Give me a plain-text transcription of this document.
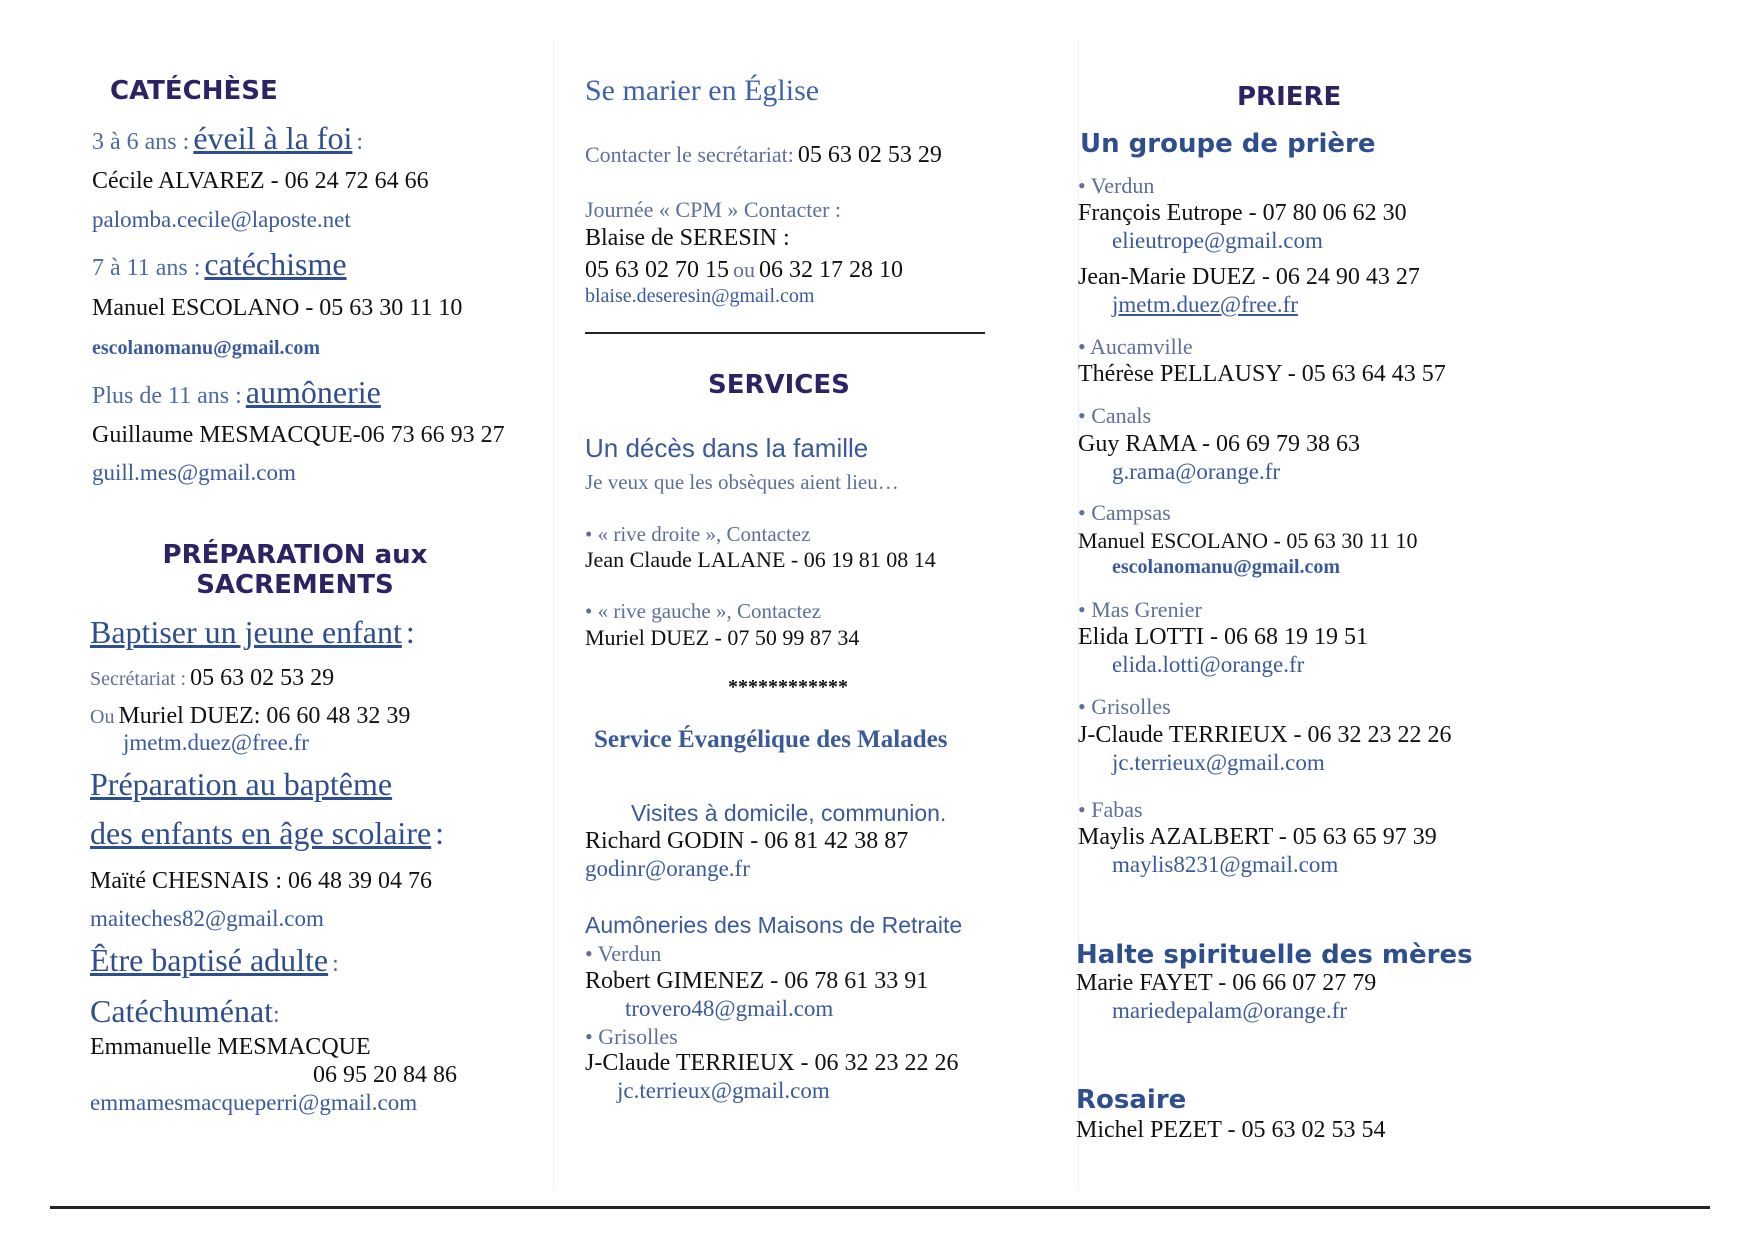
CATÉCHÈSE
3 à 6 ans : éveil à la foi :
Cécile ALVAREZ - 06 24 72 64 66
palomba.cecile@laposte.net
7 à 11 ans : catéchisme
Manuel ESCOLANO - 05 63 30 11 10
escolanomanu@gmail.com
Plus de 11 ans : aumônerie
Guillaume MESMACQUE-06 73 66 93 27
guill.mes@gmail.com
PRÉPARATION aux
SACREMENTS
Baptiser un jeune enfant :
Secrétariat : 05 63 02 53 29
Ou Muriel DUEZ: 06 60 48 32 39
jmetm.duez@free.fr
Préparation au baptême
des enfants en âge scolaire :
Maïté CHESNAIS : 06 48 39 04 76
maiteches82@gmail.com
Être baptisé adulte :
Catéchuménat:
Emmanuelle MESMACQUE
06 95 20 84 86
emmamesmacqueperri@gmail.com
Se marier en Église
Contacter le secrétariat: 05 63 02 53 29
Journée « CPM » Contacter :
Blaise de SERESIN :
05 63 02 70 15 ou 06 32 17 28 10
blaise.deseresin@gmail.com
SERVICES
Un décès dans la famille
Je veux que les obsèques aient lieu…
• « rive droite », Contactez
Jean Claude LALANE - 06 19 81 08 14
• « rive gauche », Contactez
Muriel DUEZ - 07 50 99 87 34
************
Service Évangélique des Malades
Visites à domicile, communion.
Richard GODIN - 06 81 42 38 87
godinr@orange.fr
Aumôneries des Maisons de Retraite
• Verdun
Robert GIMENEZ - 06 78 61 33 91
trovero48@gmail.com
• Grisolles
J-Claude TERRIEUX - 06 32 23 22 26
jc.terrieux@gmail.com
PRIERE
Un groupe de prière
• Verdun
François Eutrope - 07 80 06 62 30
elieutrope@gmail.com
Jean-Marie DUEZ - 06 24 90 43 27
jmetm.duez@free.fr
• Aucamville
Thérèse PELLAUSY - 05 63 64 43 57
• Canals
Guy RAMA - 06 69 79 38 63
g.rama@orange.fr
• Campsas
Manuel ESCOLANO - 05 63 30 11 10
escolanomanu@gmail.com
• Mas Grenier
Elida LOTTI - 06 68 19 19 51
elida.lotti@orange.fr
• Grisolles
J-Claude TERRIEUX - 06 32 23 22 26
jc.terrieux@gmail.com
• Fabas
Maylis AZALBERT - 05 63 65 97 39
maylis8231@gmail.com
Halte spirituelle des mères
Marie FAYET - 06 66 07 27 79
mariedepalam@orange.fr
Rosaire
Michel PEZET - 05 63 02 53 54
